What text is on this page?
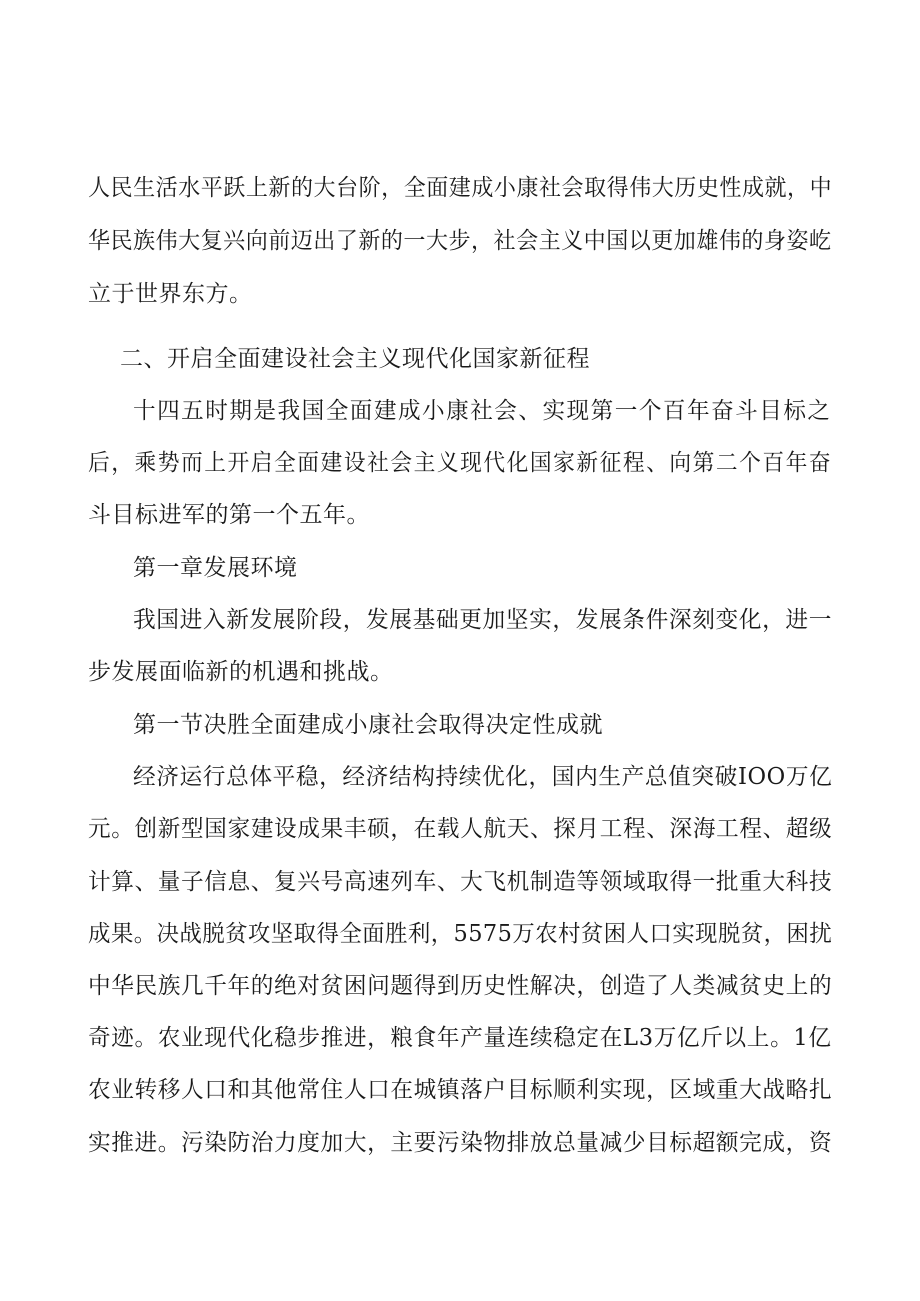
人民生活水平跃上新的大台阶，全面建成小康社会取得伟大历史性成就，中
华民族伟大复兴向前迈出了新的一大步，社会主义中国以更加雄伟的身姿屹
立于世界东方。
二、开启全面建设社会主义现代化国家新征程
十四五时期是我国全面建成小康社会、实现第一个百年奋斗目标之
后，乘势而上开启全面建设社会主义现代化国家新征程、向第二个百年奋
斗目标进军的第一个五年。
第一章发展环境
我国进入新发展阶段，发展基础更加坚实，发展条件深刻变化，进一
步发展面临新的机遇和挑战。
第一节决胜全面建成小康社会取得决定性成就
经济运行总体平稳，经济结构持续优化，国内生产总值突破IOO万亿
元。创新型国家建设成果丰硕，在载人航天、探月工程、深海工程、超级
计算、量子信息、复兴号高速列车、大飞机制造等领域取得一批重大科技
成果。决战脱贫攻坚取得全面胜利，5575万农村贫困人口实现脱贫，困扰
中华民族几千年的绝对贫困问题得到历史性解决，创造了人类减贫史上的
奇迹。农业现代化稳步推进，粮食年产量连续稳定在L3万亿斤以上。1亿
农业转移人口和其他常住人口在城镇落户目标顺利实现，区域重大战略扎
实推进。污染防治力度加大，主要污染物排放总量减少目标超额完成，资
